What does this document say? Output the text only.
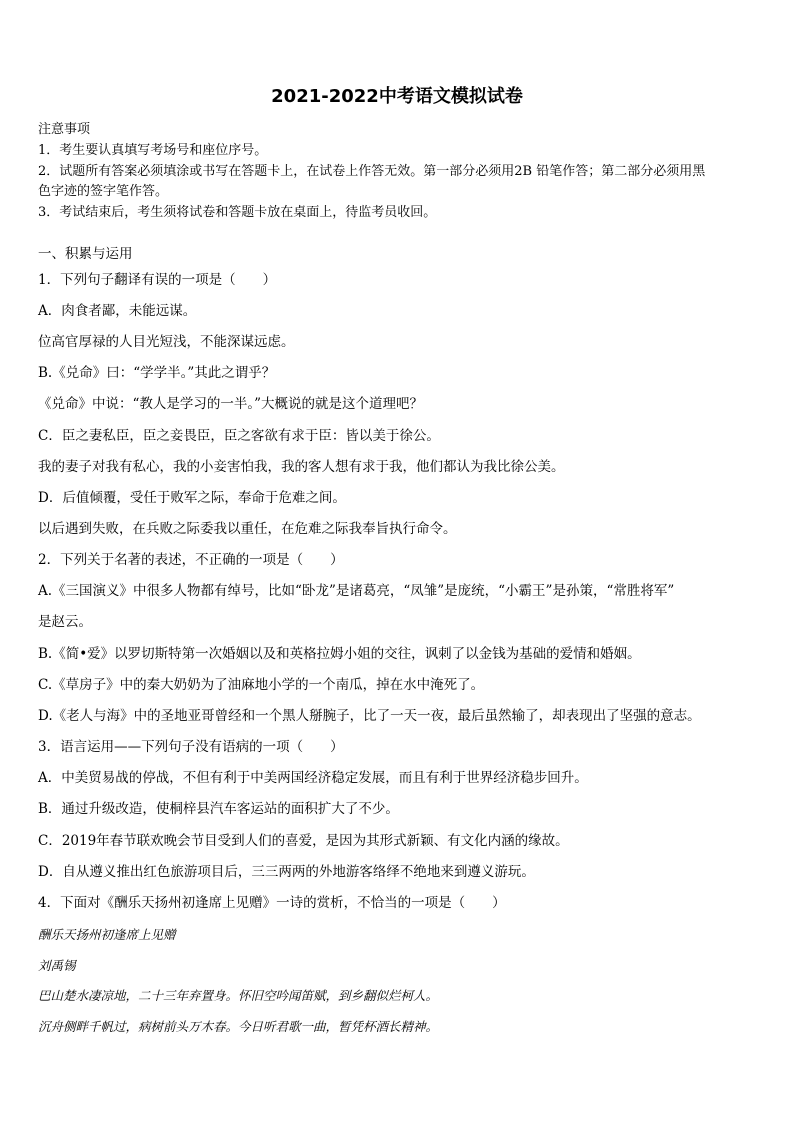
2021-2022中考语文模拟试卷
注意事项
1．考生要认真填写考场号和座位序号。
2．试题所有答案必须填涂或书写在答题卡上，在试卷上作答无效。第一部分必须用2B 铅笔作答；第二部分必须用黑
色字迹的签字笔作答。
3．考试结束后，考生须将试卷和答题卡放在桌面上，待监考员收回。
一、积累与运用
1．下列句子翻译有误的一项是（　　）
A．肉食者鄙，未能远谋。
位高官厚禄的人目光短浅，不能深谋远虑。
B.《兑命》曰：“学学半。”其此之谓乎？
《兑命》中说：“教人是学习的一半。”大概说的就是这个道理吧？
C．臣之妻私臣，臣之妾畏臣，臣之客欲有求于臣：皆以美于徐公。
我的妻子对我有私心，我的小妾害怕我，我的客人想有求于我，他们都认为我比徐公美。
D．后值倾覆，受任于败军之际，奉命于危难之间。
以后遇到失败，在兵败之际委我以重任，在危难之际我奉旨执行命令。
2．下列关于名著的表述，不正确的一项是（　　）
A.《三国演义》中很多人物都有绰号，比如“卧龙”是诸葛亮，“凤雏”是庞统，“小霸王”是孙策，“常胜将军”
是赵云。
B.《简•爱》以罗切斯特第一次婚姻以及和英格拉姆小姐的交往，讽刺了以金钱为基础的爱情和婚姻。
C.《草房子》中的秦大奶奶为了油麻地小学的一个南瓜，掉在水中淹死了。
D.《老人与海》中的圣地亚哥曾经和一个黑人掰腕子，比了一天一夜，最后虽然输了，却表现出了坚强的意志。
3．语言运用——下列句子没有语病的一项（　　）
A．中美贸易战的停战，不但有利于中美两国经济稳定发展，而且有利于世界经济稳步回升。
B．通过升级改造，使桐梓县汽车客运站的面积扩大了不少。
C．2019年春节联欢晚会节目受到人们的喜爱，是因为其形式新颖、有文化内涵的缘故。
D．自从遵义推出红色旅游项目后，三三两两的外地游客络绎不绝地来到遵义游玩。
4．下面对《酬乐天扬州初逢席上见赠》一诗的赏析，不恰当的一项是（　　）
酬乐天扬州初逢席上见赠
刘禹锡
巴山楚水凄凉地，二十三年弃置身。怀旧空吟闻笛赋，到乡翻似烂柯人。
沉舟侧畔千帆过，病树前头万木春。今日听君歌一曲，暂凭杯酒长精神。
